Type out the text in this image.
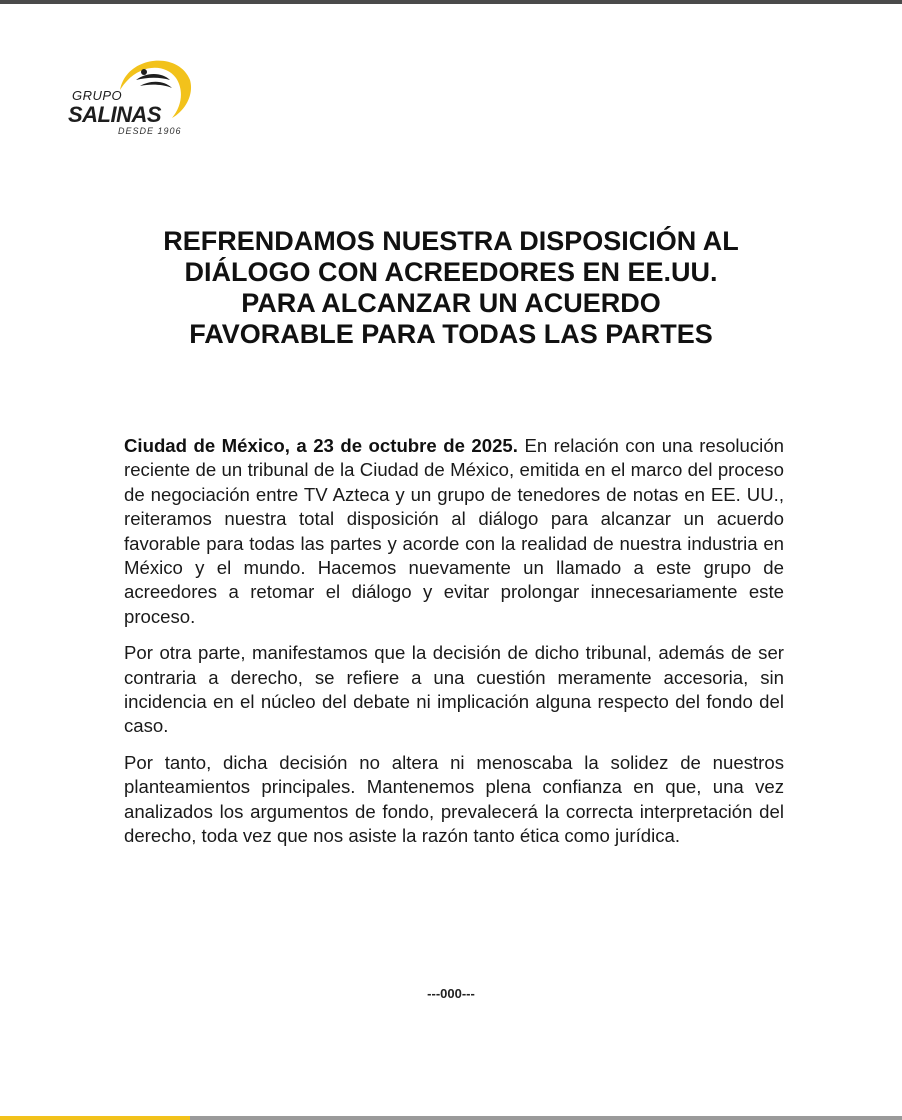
GRUPO
SALINAS
DESDE 1906
REFRENDAMOS NUESTRA DISPOSICIÓN AL
DIÁLOGO CON ACREEDORES EN EE.UU.
PARA ALCANZAR UN ACUERDO
FAVORABLE PARA TODAS LAS PARTES

Ciudad de México, a 23 de octubre de 2025. En relación con una resolución reciente de un tribunal de la Ciudad de México, emitida en el marco del proceso de negociación entre TV Azteca y un grupo de tenedores de notas en EE. UU., reiteramos nuestra total disposición al diálogo para alcanzar un acuerdo favorable para todas las partes y acorde con la realidad de nuestra industria en México y el mundo. Hacemos nuevamente un llamado a este grupo de acreedores a retomar el diálogo y evitar prolongar innecesariamente este proceso.

Por otra parte, manifestamos que la decisión de dicho tribunal, además de ser contraria a derecho, se refiere a una cuestión meramente accesoria, sin incidencia en el núcleo del debate ni implicación alguna respecto del fondo del caso.

Por tanto, dicha decisión no altera ni menoscaba la solidez de nuestros planteamientos principales. Mantenemos plena confianza en que, una vez analizados los argumentos de fondo, prevalecerá la correcta interpretación del derecho, toda vez que nos asiste la razón tanto ética como jurídica.

---000---
